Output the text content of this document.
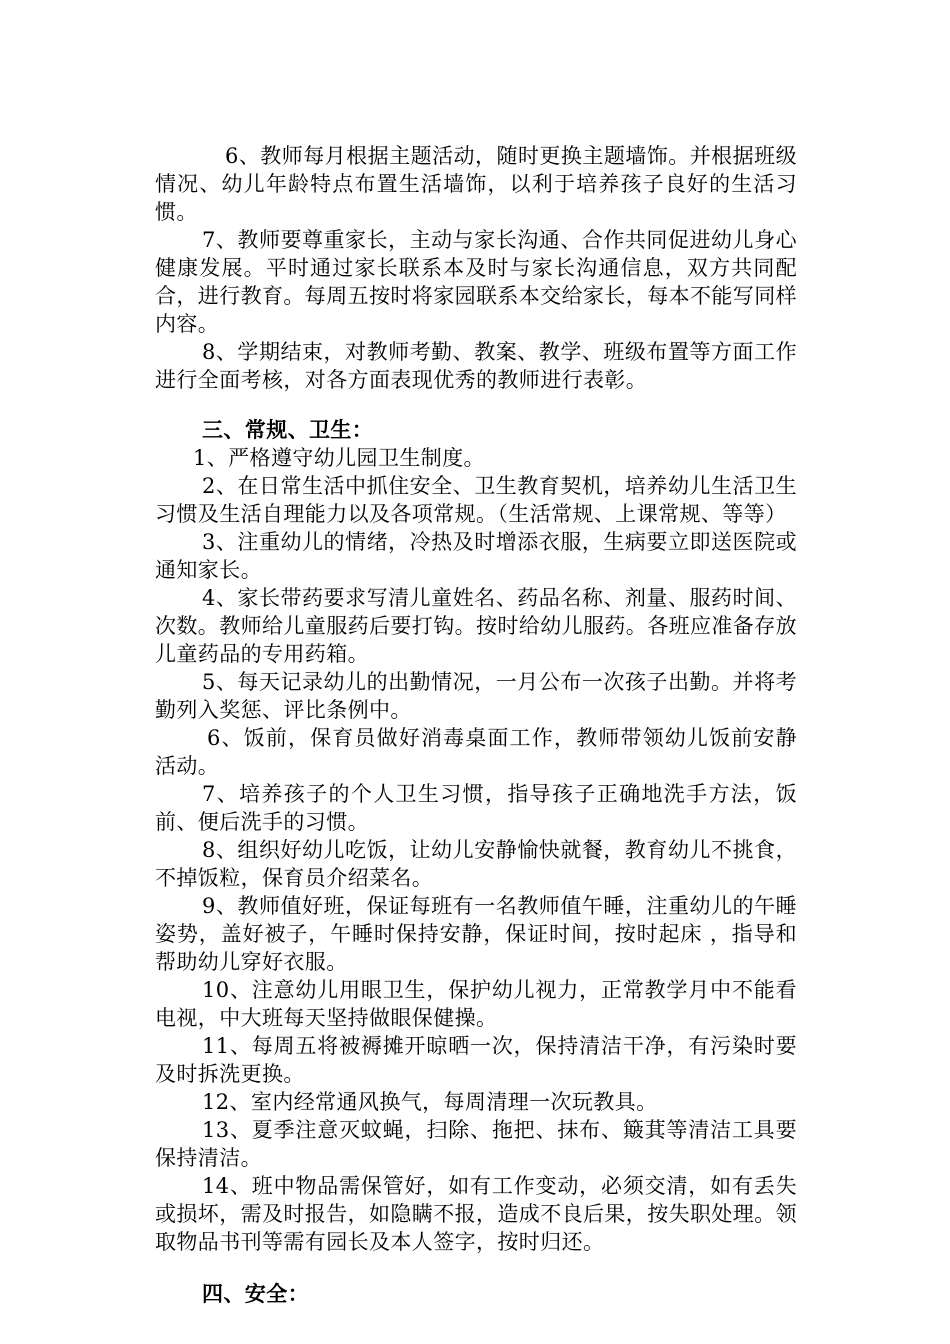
6、教师每月根据主题活动，随时更换主题墙饰。并根据班级情况、幼儿年龄特点布置生活墙饰，以利于培养孩子良好的生活习惯。

7、教师要尊重家长，主动与家长沟通、合作共同促进幼儿身心健康发展。平时通过家长联系本及时与家长沟通信息，双方共同配合，进行教育。每周五按时将家园联系本交给家长，每本不能写同样内容。

8、学期结束，对教师考勤、教案、教学、班级布置等方面工作进行全面考核，对各方面表现优秀的教师进行表彰。

三、常规、卫生：

1、严格遵守幼儿园卫生制度。

2、在日常生活中抓住安全、卫生教育契机，培养幼儿生活卫生习惯及生活自理能力以及各项常规。（生活常规、上课常规、等等）

3、注重幼儿的情绪，冷热及时增添衣服，生病要立即送医院或通知家长。

4、家长带药要求写清儿童姓名、药品名称、剂量、服药时间、次数。教师给儿童服药后要打钩。按时给幼儿服药。各班应准备存放儿童药品的专用药箱。

5、每天记录幼儿的出勤情况，一月公布一次孩子出勤。并将考勤列入奖惩、评比条例中。

6、饭前，保育员做好消毒桌面工作，教师带领幼儿饭前安静活动。

7、培养孩子的个人卫生习惯，指导孩子正确地洗手方法，饭前、便后洗手的习惯。

8、组织好幼儿吃饭，让幼儿安静愉快就餐，教育幼儿不挑食，不掉饭粒，保育员介绍菜名。

9、教师值好班，保证每班有一名教师值午睡，注重幼儿的午睡姿势，盖好被子，午睡时保持安静，保证时间，按时起床 ，指导和帮助幼儿穿好衣服。

10、注意幼儿用眼卫生，保护幼儿视力，正常教学月中不能看电视，中大班每天坚持做眼保健操。

11、每周五将被褥摊开晾晒一次，保持清洁干净，有污染时要及时拆洗更换。

12、室内经常通风换气，每周清理一次玩教具。

13、夏季注意灭蚊蝇，扫除、拖把、抹布、簸萁等清洁工具要保持清洁。

14、班中物品需保管好，如有工作变动，必须交清，如有丢失或损坏，需及时报告，如隐瞒不报，造成不良后果，按失职处理。领取物品书刊等需有园长及本人签字，按时归还。

四、安全：
